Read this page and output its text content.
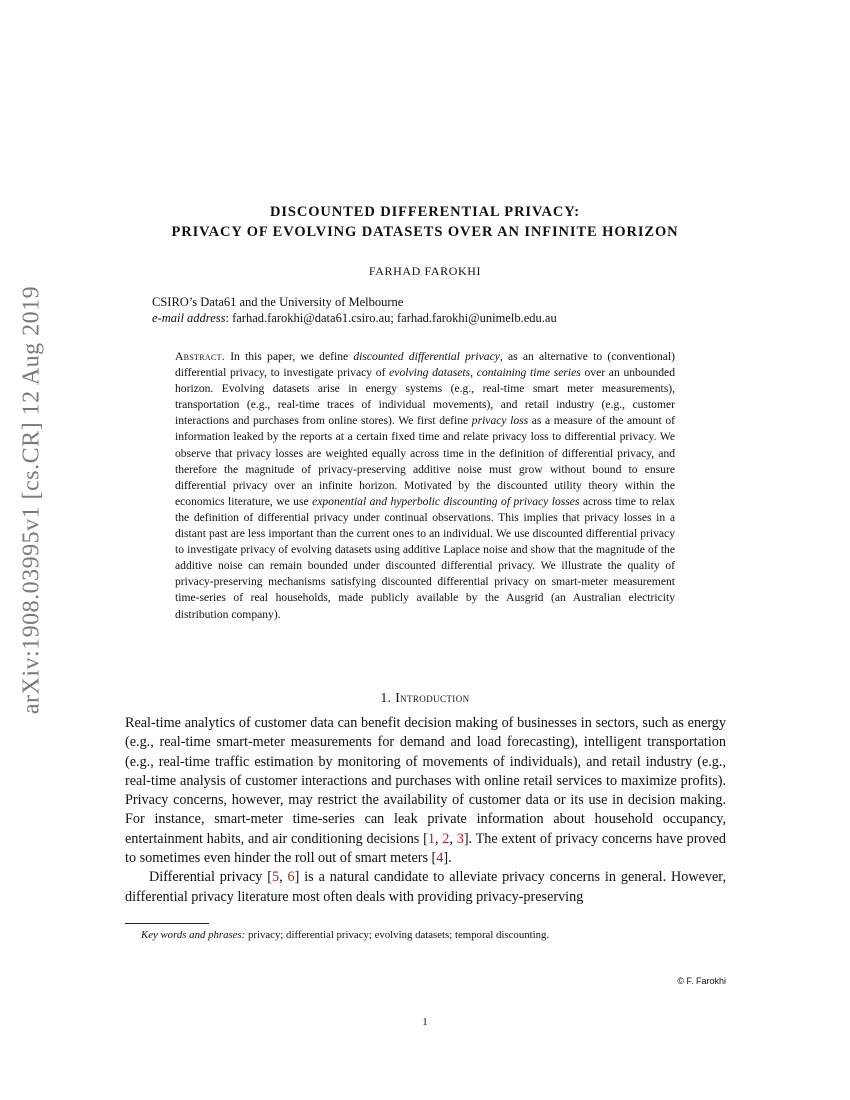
arXiv:1908.03995v1 [cs.CR] 12 Aug 2019
DISCOUNTED DIFFERENTIAL PRIVACY:
PRIVACY OF EVOLVING DATASETS OVER AN INFINITE HORIZON
FARHAD FAROKHI
CSIRO’s Data61 and the University of Melbourne
e-mail address: farhad.farokhi@data61.csiro.au; farhad.farokhi@unimelb.edu.au
Abstract. In this paper, we define discounted differential privacy, as an alternative to (conventional) differential privacy, to investigate privacy of evolving datasets, containing time series over an unbounded horizon. Evolving datasets arise in energy systems (e.g., real-time smart meter measurements), transportation (e.g., real-time traces of individual movements), and retail industry (e.g., customer interactions and purchases from online stores). We first define privacy loss as a measure of the amount of information leaked by the reports at a certain fixed time and relate privacy loss to differential privacy. We observe that privacy losses are weighted equally across time in the definition of differential privacy, and therefore the magnitude of privacy-preserving additive noise must grow without bound to ensure differential privacy over an infinite horizon. Motivated by the discounted utility theory within the economics literature, we use exponential and hyperbolic discounting of privacy losses across time to relax the definition of differential privacy under continual observations. This implies that privacy losses in a distant past are less important than the current ones to an individual. We use discounted differential privacy to investigate privacy of evolving datasets using additive Laplace noise and show that the magnitude of the additive noise can remain bounded under discounted differential privacy. We illustrate the quality of privacy-preserving mechanisms satisfying discounted differential privacy on smart-meter measurement time-series of real households, made publicly available by the Ausgrid (an Australian electricity distribution company).
1. Introduction

Real-time analytics of customer data can benefit decision making of businesses in sectors, such as energy (e.g., real-time smart-meter measurements for demand and load forecasting), intelligent transportation (e.g., real-time traffic estimation by monitoring of movements of individuals), and retail industry (e.g., real-time analysis of customer interactions and purchases with online retail services to maximize profits). Privacy concerns, however, may restrict the availability of customer data or its use in decision making. For instance, smart-meter time-series can leak private information about household occupancy, entertainment habits, and air conditioning decisions [1, 2, 3]. The extent of privacy concerns have proved to sometimes even hinder the roll out of smart meters [4].

Differential privacy [5, 6] is a natural candidate to alleviate privacy concerns in general. However, differential privacy literature most often deals with providing privacy-preserving

Key words and phrases: privacy; differential privacy; evolving datasets; temporal discounting.
© F. Farokhi
1
